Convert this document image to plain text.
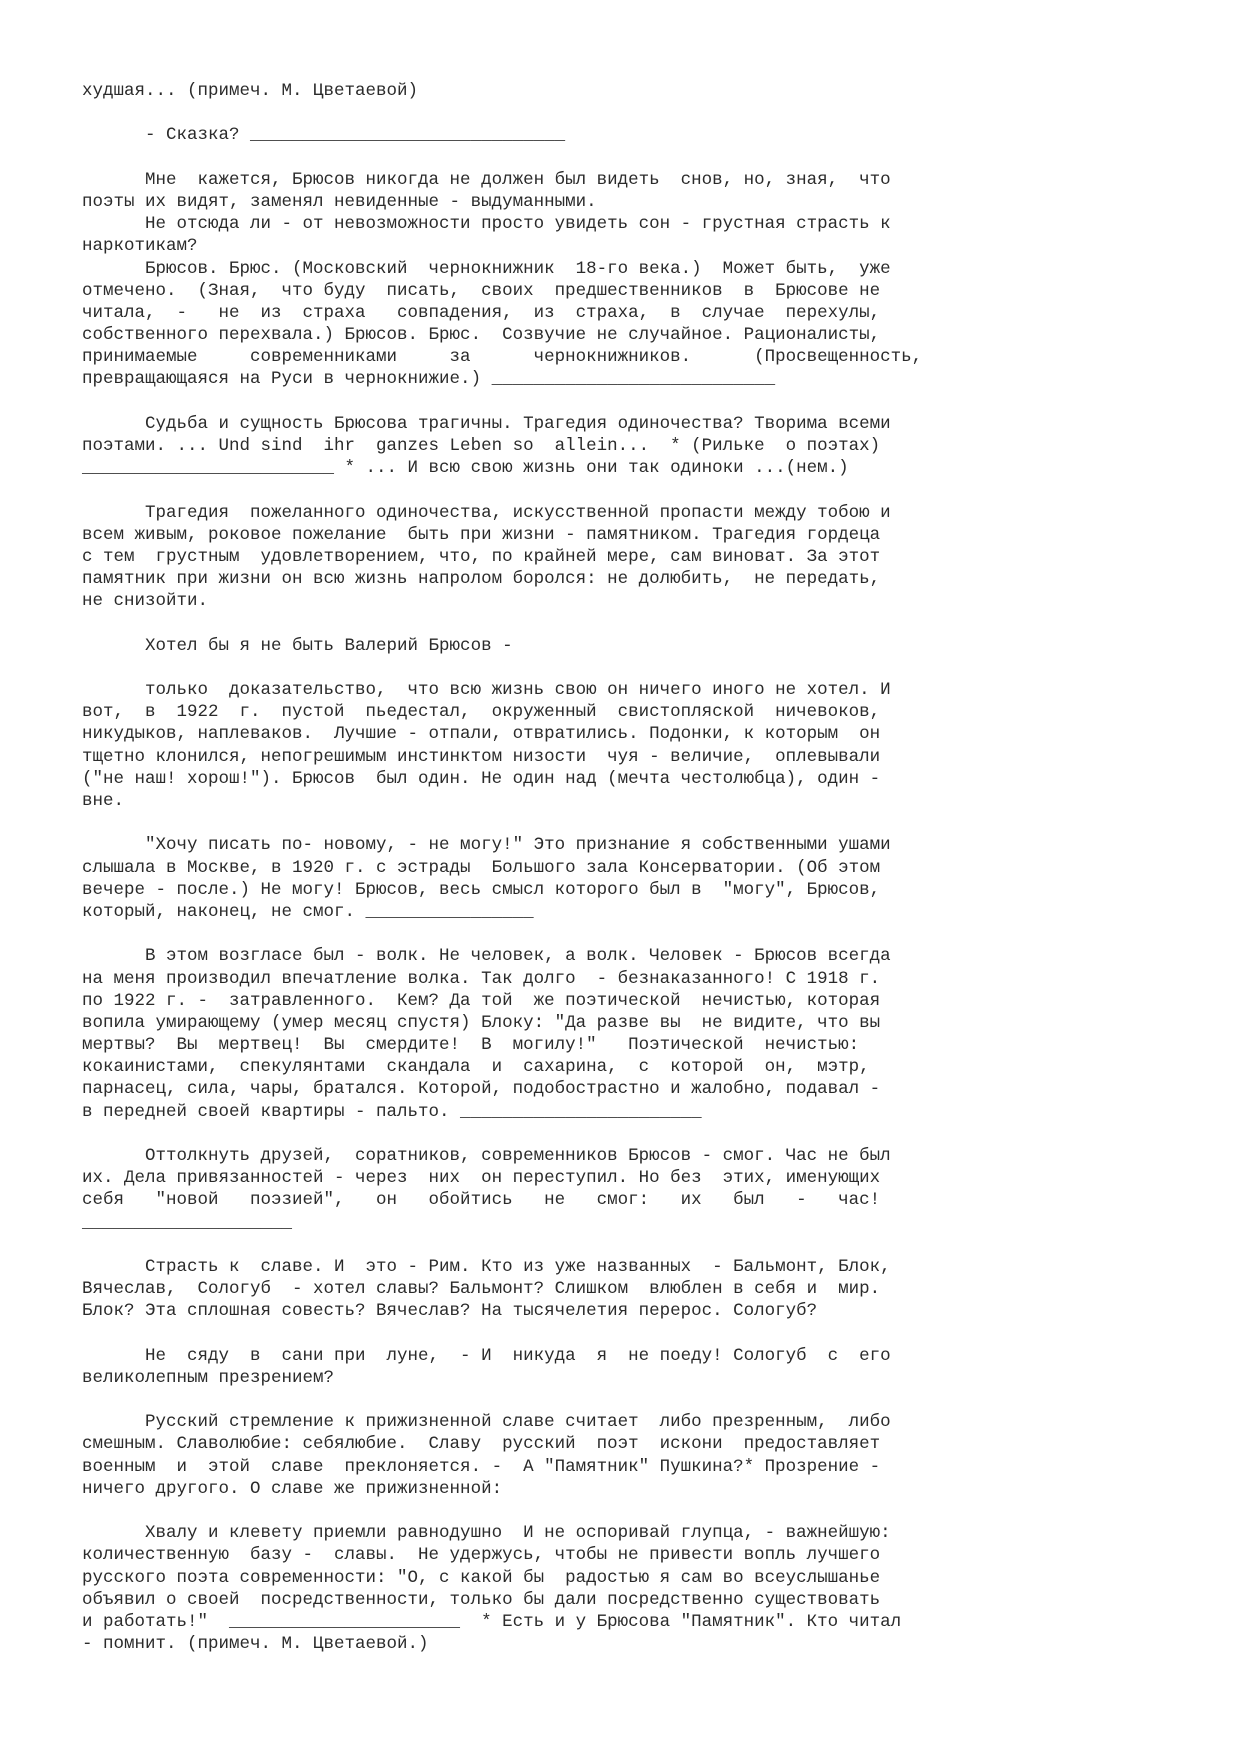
худшая... (примеч. М. Цветаевой)
- Сказка? ______________________________
Мне  кажется, Брюсов никогда не должен был видеть  снов, но, зная,  что
поэты их видят, заменял невиденные - выдуманными.
Не отсюда ли - от невозможности просто увидеть сон - грустная страсть к
наркотикам?
Брюсов. Брюс. (Московский  чернокнижник  18-го века.)  Может быть,  уже
отмечено.  (Зная,  что буду  писать,  своих  предшественников  в  Брюсове не
читала,  -   не  из  страха   совпадения,  из  страха,  в  случае  перехулы,
собственного перехвала.) Брюсов. Брюс.  Созвучие не случайное. Рационалисты,
принимаемые     современниками     за      чернокнижников.      (Просвещенность,
превращающаяся на Руси в чернокнижие.) ___________________________
Судьба и сущность Брюсова трагичны. Трагедия одиночества? Творима всеми
поэтами. ... Und sind  ihr  ganzes Leben so  allein...  * (Рильке  о поэтах)
________________________ * ... И всю свою жизнь они так одиноки ...(нем.)
Трагедия  пожеланного одиночества, искусственной пропасти между тобою и
всем живым, роковое пожелание  быть при жизни - памятником. Трагедия гордеца
с тем  грустным  удовлетворением, что, по крайней мере, сам виноват. За этот
памятник при жизни он всю жизнь напролом боролся: не долюбить,  не передать,
не снизойти.
Хотел бы я не быть Валерий Брюсов -
только  доказательство,  что всю жизнь свою он ничего иного не хотел. И
вот,  в  1922  г.  пустой  пьедестал,  окруженный  свистопляской  ничевоков,
никудыков, наплеваков.  Лучшие - отпали, отвратились. Подонки, к которым  он
тщетно клонился, непогрешимым инстинктом низости  чуя - величие,  оплевывали
("не наш! хорош!"). Брюсов  был один. Не один над (мечта честолюбца), один -
вне.
"Хочу писать по- новому, - не могу!" Это признание я собственными ушами
слышала в Москве, в 1920 г. с эстрады  Большого зала Консерватории. (Об этом
вечере - после.) Не могу! Брюсов, весь смысл которого был в  "могу", Брюсов,
который, наконец, не смог. ________________
В этом возгласе был - волк. Не человек, а волк. Человек - Брюсов всегда
на меня производил впечатление волка. Так долго  - безнаказанного! С 1918 г.
по 1922 г. -  затравленного.  Кем? Да той  же поэтической  нечистью, которая
вопила умирающему (умер месяц спустя) Блоку: "Да разве вы  не видите, что вы
мертвы?  Вы  мертвец!  Вы  смердите!  В  могилу!"   Поэтической  нечистью:
кокаинистами,  спекулянтами  скандала  и  сахарина,  с  которой  он,  мэтр,
парнасец, сила, чары, братался. Которой, подобострастно и жалобно, подавал -
в передней своей квартиры - пальто. _______________________
Оттолкнуть друзей,  соратников, современников Брюсов - смог. Час не был
их. Дела привязанностей - через  них  он переступил. Но без  этих, именующих
себя   "новой   поэзией",   он   обойтись   не   смог:   их   был   -   час!
____________________
Страсть к  славе. И  это - Рим. Кто из уже названных  - Бальмонт, Блок,
Вячеслав,  Сологуб  - хотел славы? Бальмонт? Слишком  влюблен в себя и  мир.
Блок? Эта сплошная совесть? Вячеслав? На тысячелетия перерос. Сологуб?
Не  сяду  в  сани при  луне,  - И  никуда  я  не поеду! Сологуб  с  его
великолепным презрением?
Русский стремление к прижизненной славе считает  либо презренным,  либо
смешным. Славолюбие: себялюбие.  Славу  русский  поэт  искони  предоставляет
военным  и  этой  славе  преклоняется. -  А "Памятник" Пушкина?* Прозрение -
ничего другого. О славе же прижизненной:
Хвалу и клевету приемли равнодушно  И не оспоривай глупца, - важнейшую:
количественную  базу -  славы.  Не удержусь, чтобы не привести вопль лучшего
русского поэта современности: "О, с какой бы  радостью я сам во всеуслышанье
объявил о своей  посредственности, только бы дали посредственно существовать
и работать!"  ______________________  * Есть и у Брюсова "Памятник". Кто читал
- помнит. (примеч. М. Цветаевой.)
